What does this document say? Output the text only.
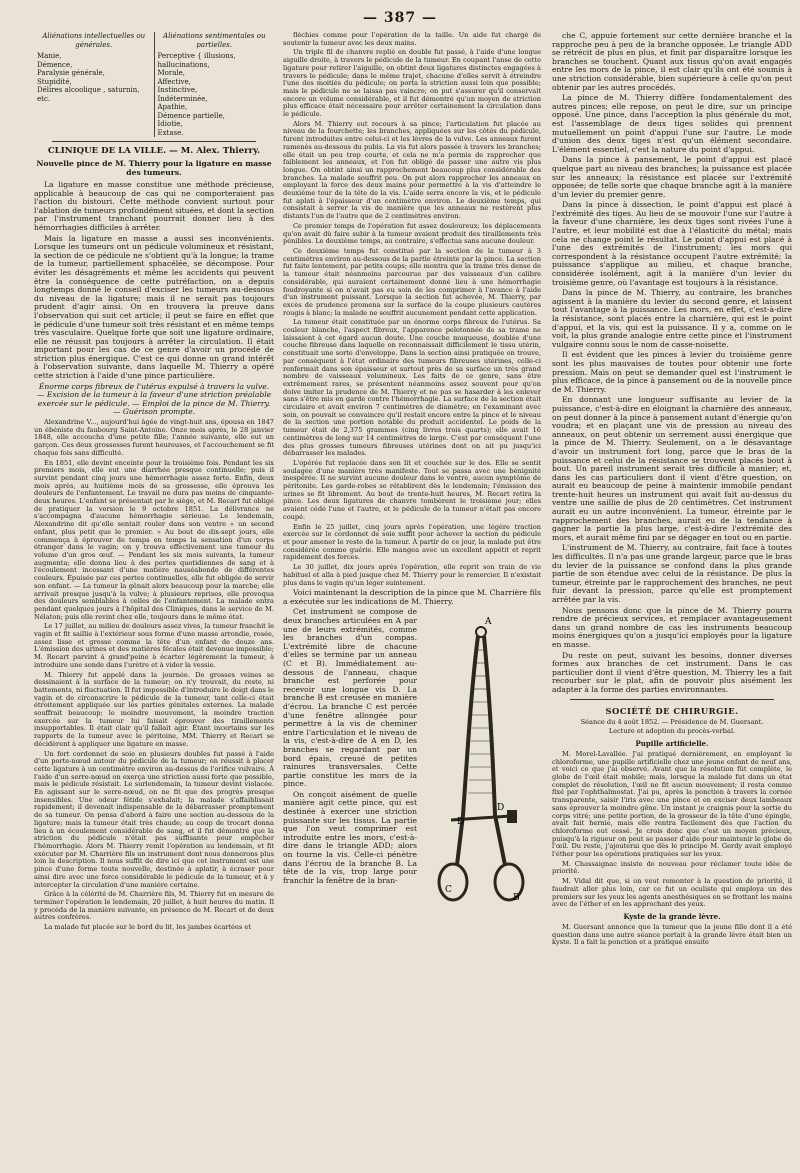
— 387 —
Aliénations intellectuelles ou générales.
Manie,
Démence,
Paralysie générale,
Stupidité,
Délires alcoolique , saturnin, etc.
Aliénations sentimentales ou partielles.
Perceptive { illusions, hallucinations,
Morale,
Affective,
Instinctive,
Indéterminée,
Apathie,
Démence partielle,
Idiotie,
Extase.

CLINIQUE DE LA VILLE. — M. Alex. Thierry.

Nouvelle pince de M. Thierry pour la ligature en masse des tumeurs.

La ligature en masse constitue une méthode précieuse, applicable à beaucoup de cas qui ne comporteraient pas l'action du bistouri. Cette méthode convient surtout pour l'ablation de tumeurs profondément situées, et dont la section par l'instrument tranchant pourrait donner lieu à des hémorrhagies difficiles à arrêter.

Mais la ligature en masse a aussi ses inconvénients. Lorsque les tumeurs ont un pédicule volumineux et résistant, la section de ce pédicule ne s'obtient qu'à la longue; la trame de la tumeur, partiellement sphacélée, se décompose. Pour éviter les désagréments et même les accidents qui peuvent être la conséquence de cette putréfaction, on a depuis longtemps donné le conseil d'exciser les tumeurs au-dessous du niveau de la ligature; mais il ne serait pas toujours prudent d'agir ainsi. On en trouvera la preuve dans l'observation qui suit cet article; il peut se faire en effet que le pédicule d'une tumeur soit très résistant et en même temps très vasculaire. Quelque forte que soit une ligature ordinaire, elle ne réussit pas toujours à arrêter la circulation. Il était important pour les cas de ce genre d'avoir un procédé de striction plus énergique. C'est ce qui donne un grand intérêt à l'observation suivante, dans laquelle M. Thierry a opéré cette striction à l'aide d'une pince particulière.

Énorme corps fibreux de l'utérus expulsé à travers la vulve. — Excision de la tumeur à la faveur d'une striction préalable exercée sur le pédicule. — Emploi de la pince de M. Thierry. — Guérison prompte.

Alexandrine V..., aujourd'hui âgée de vingt-huit ans, épousa en 1847 un ébéniste du faubourg Saint-Antoine. Onze mois après, le 28 janvier 1848, elle accoucha d'une petite fille; l'année suivante, elle eut un garçon. Ces deux grossesses furent heureuses, et l'accouchement se fit chaque fois sans difficulté.

En 1851, elle devint enceinte pour la troisième fois. Pendant les six premiers mois, elle eut une diarrhée presque continuelle; puis il survint pendant cinq jours une hémorrhagie assez forte. Enfin, deux mois après, au huitième mois de sa grossesse, elle éprouva les douleurs de l'enfantement. Le travail ne dura pas moins de cinquante-deux heures. L'enfant se présentait par le siège, et M. Recart fut obligé de pratiquer la version le 9 octobre 1851. La délivrance ne s'accompagna d'aucune hémorrhagie sérieuse. Le lendemain, Alexandrine dit qu'elle sentait rouler dans son ventre « un second enfant, plus petit que le premier. » Au bout de dix-sept jours, elle commença à éprouver de temps en temps la sensation d'un corps étranger dans le vagin; on y trouva effectivement une tumeur du volume d'un gros œuf. — Pendant les six mois suivants, la tumeur augmenta; elle donna lieu à des pertes quotidiennes de sang et à l'écoulement incessant d'une matière nauséabonde de différentes couleurs. Épuisée par ces pertes continuelles, elle fut obligée de servir son enfant. — La tumeur la gênait alors beaucoup pour la marche; elle arrivait presque jusqu'à la vulve; à plusieurs reprises, elle provoqua des douleurs semblables à celles de l'enfantement. La malade entra pendant quelques jours à l'hôpital des Cliniques, dans le service de M. Nélaton; puis elle revint chez elle, toujours dans le même état.

Le 17 juillet, au milieu de douleurs assez vives, la tumeur franchit le vagin et fit saillie à l'extérieur sous forme d'une masse arrondie, rosée, assez lisse et grosse comme la tête d'un enfant de douze ans. L'émission des urines et des matières fécales était devenue impossible; M. Recart parvint à grand'peine à écarter légèrement la tumeur, à introduire une sonde dans l'urètre et à vider la vessie.

M. Thierry fut appelé dans la journée. De grosses veines se dessinaient à la surface de la tumeur; on n'y trouvait, du reste, ni battements, ni fluctuation. Il fut impossible d'introduire le doigt dans le vagin et de circonscrire le pédicule de la tumeur, tant celle-ci était étroitement appliquée sur les parties génitales externes. La malade souffrait beaucoup; le moindre mouvement, la moindre traction exercée sur la tumeur lui faisait éprouver des tiraillements insupportables. Il était clair qu'il fallait agir. Étant incertains sur les rapports de la tumeur avec le péritoine, MM. Thierry et Recart se décidèrent à appliquer une ligature en masse.

Un fort cordonnet de soie en plusieurs doubles fut passé à l'aide d'un porte-nœud autour du pédicule de la tumeur; on réussit à placer cette ligature à un centimètre environ au-dessus de l'orifice vulvaire. À l'aide d'un serre-nœud on exerça une striction aussi forte que possible, mais le pédicule résistait. Le surlendemain, la tumeur devint violacée. En agissant sur le serre-nœud, on ne fit que des progrès presque insensibles. Une odeur fétide s'exhalait; la malade s'affaiblissait rapidement; il devenait indispensable de la débarrasser promptement de sa tumeur. On pensa d'abord à faire une section au-dessous de la ligature; mais la tumeur était très chaude; au coup de trocart donna lieu à un écoulement considérable de sang, et il fut démontré que la striction du pédicule n'était pas suffisante pour empêcher l'hémorrhagie. Alors M. Thierry remit l'opération au lendemain, et fit exécuter par M. Charrière fils un instrument dont nous donnerons plus loin la description. Il nous suffit de dire ici que cet instrument est une pince d'une forme toute nouvelle, destinée à aplatir, à écraser pour ainsi dire avec une force considérable le pédicule de la tumeur, et à y intercepter la circulation d'une manière certaine.

Grâce à la célérité de M. Charrière fils, M. Thierry fut en mesure de terminer l'opération le lendemain, 20 juillet, à huit heures du matin. Il y procéda de la manière suivante, en présence de M. Recart et de deux autres confrères.

La malade fut placée sur le bord du lit, les jambes écartées et

fléchies comme pour l'opération de la taille. Un aide fut chargé de soutenir la tumeur avec les deux mains.

Un triple fil de chanvre replié en double fut passé, à l'aide d'une longue aiguille droite, à travers le pédicule de la tumeur. En coupant l'anse de cette ligature pour retirer l'aiguille, on obtint deux ligatures distinctes engagées à travers le pédicule; dans le même trajet, chacune d'elles servit à étreindre l'une des moitiés du pédicule; on porta la striction aussi loin que possible; mais le pédicule ne se laissa pas vaincre; on put s'assurer qu'il conservait encore un volume considérable, et il fut démontré qu'un moyen de striction plus efficace était nécessaire pour arrêter certainement la circulation dans le pédicule.

Alors M. Thierry eut recours à sa pince; l'articulation fut placée au niveau de la fourchette; les branches, appliquées sur les côtés du pédicule, furent introduites entre celui-ci et les lèvres de la vulve. Les anneaux furent ramenés au-dessous du pubis. La vis fut alors passée à travers les branches; elle était un peu trop courte, et cela ne m'a permis de rapprocher que faiblement les anneaux, et l'on fut obligé de passer une autre vis plus longue. On obtint ainsi un rapprochement beaucoup plus considérable des branches. La malade souffrit peu. On put alors rapprocher les anneaux en employant la force des deux mains pour permettre à la vis d'atteindre le deuxième tour de la tête de la vis. L'aide serra encore la vis, et le pédicule fut aplati à l'épaisseur d'un centimètre environ. Le deuxième temps, qui consistait à serrer la vis de manière que les anneaux ne restèrent plus distants l'un de l'autre que de 2 centimètres environ.

Ce premier temps de l'opération fut assez douloureux; les déplacements qu'on avait dû faire subir à la tumeur avaient produit des tiraillements très pénibles. Le deuxième temps, au contraire, s'effectua sans aucune douleur.

Ce deuxième temps fut constitué par la section de la tumeur à 3 centimètres environ au-dessous de la partie étreinte par la pince. La section fut faite lentement, par petits coups; elle montra que la trame très dense de la tumeur était néanmoins parcourue par des vaisseaux d'un calibre considérable, qui auraient certainement donné lieu à une hémorrhagie foudroyante si on n'avait pas eu soin de les comprimer à l'avance à l'aide d'un instrument puissant. Lorsque la section fut achevée, M. Thierry, par excès de prudence promena sur la surface de la coupe plusieurs cautères rougis à blanc; la malade ne souffrit aucunement pendant cette application.

La tumeur était constituée par un énorme corps fibreux de l'utérus. Sa couleur blanche, l'aspect fibreux, l'apparence pelotonnée de sa trame ne laissaient à cet égard aucun doute. Une couche muqueuse, doublée d'une couche fibreuse dans laquelle on reconnaissait difficilement le tissu utérin, constituait une sorte d'enveloppe. Dans la section ainsi pratiquée on trouve, par conséquent à l'état ordinaire des tumeurs fibreuses utérines, celle-ci renfermait dans son épaisseur et surtout près de sa surface un très grand nombre de vaisseaux volumineux. Les faits de ce genre, sans être extrêmement rares, se présentent néanmoins assez souvent pour qu'on doive imiter la prudence de M. Thierry et ne pas se hasarder à les enlever sans s'être mis en garde contre l'hémorrhagie. La surface de la section était circulaire et avait environ 7 centimètres de diamètre; en l'examinant avec soin, on pouvait se convaincre qu'il restait encore entre la pince et le niveau de la section une portion notable du produit accidentel. Le poids de la tumeur était de 2,375 grammes (cinq livres trois quarts); elle avait 16 centimètres de long sur 14 centimètres de large. C'est par conséquent l'une des plus grosses tumeurs fibreuses utérines dont on ait pu jusqu'ici débarrasser les malades.

L'opérée fut replacée dans son lit et couchée sur le dos. Elle se sentit soulagée d'une manière très manifeste. Tout se passa avec une bénignité inespérée. Il ne survint aucune douleur dans le ventre, aucun symptôme de péritonite. Les garde-robes se rétablirent dès le lendemain; l'émission des urines se fit librement. Au bout de trente-huit heures, M. Recart retira la pince. Les deux ligatures de chanvre tombèrent le troisième jour; elles avaient cédé l'une et l'autre, et le pédicule de la tumeur n'était pas encore coupé.

Enfin le 25 juillet, cinq jours après l'opération, une légère traction exercée sur le cordonnet de soie suffit pour achever la section du pédicule et pour amener le reste de la tumeur. À partir de ce jour, la malade put être considérée comme guérie. Elle mangea avec un excellent appétit et reprit rapidement des forces.

Le 30 juillet, dix jours après l'opération, elle reprit son train de vie habituel et alla à pied jusque chez M. Thierry pour le remercier. Il n'existait plus dans le vagin qu'un léger suintement.

Voici maintenant la description de la pince que M. Charrière fils a exécutée sur les indications de M. Thierry.

A
D
D
C
B

Cet instrument se compose de deux branches articulées en A par une de leurs extrémités, comme les branches d'un compas. L'extrémité libre de chacune d'elles se termine par un anneau (C et B). Immédiatement au-dessous de l'anneau, chaque branche est perforée pour recevoir une longue vis D. La branche B est creusée en manière d'écrou. La branche C est percée d'une fenêtre allongée pour permettre à la vis de cheminer entre l'articulation et le niveau de la vis, c'est-à-dire de A en D, les branches se regardant par un bord épais, creusé de petites rainures transversales. Cette partie constitue les mors de la pince.

On conçoit aisément de quelle manière agit cette pince, qui est destinée à exercer une striction puissante sur les tissus. La partie que l'on veut comprimer est introduite entre les mors, c'est-à-dire dans le triangle ADD; alors on tourne la vis. Celle-ci pénètre dans l'écrou de la branche B. La tête de la vis, trop large pour franchir la fenêtre de la bran-

che C, appuie fortement sur cette dernière branche et la rapproche peu à peu de la branche opposée. Le triangle ADD se rétrécit de plus en plus, et finit par disparaître lorsque les branches se touchent. Quant aux tissus qu'on avait engagés entre les mors de la pince, il est clair qu'ils ont été soumis à une striction considérable, bien supérieure à celle qu'on peut obtenir par les autres procédés.

La pince de M. Thierry diffère fondamentalement des autres pinces; elle repose, on peut le dire, sur un principe opposé. Une pince, dans l'acception la plus générale du mot, est l'assemblage de deux tiges solides qui prennent mutuellement un point d'appui l'une sur l'autre. Le mode d'union des deux tiges n'est qu'un élément secondaire. L'élément essentiel, c'est la nature du point d'appui.

Dans la pince à pansement, le point d'appui est placé quelque part au niveau des branches; la puissance est placée sur les anneaux; la résistance est placée sur l'extrémité opposée; de telle sorte que chaque branche agit à la manière d'un levier du premier genre.

Dans la pince à dissection, le point d'appui est placé à l'extrémité des tiges. Au lieu de se mouvoir l'une sur l'autre à la faveur d'une charnière, les deux tiges sont rivées l'une à l'autre, et leur mobilité est due à l'élasticité du métal; mais cela ne change point le résultat. Le point d'appui est placé à l'une des extrémités de l'instrument; les mors qui correspondent à la résistance occupent l'autre extrémité; la puissance s'applique au milieu, et chaque branche, considérée isolément, agit à la manière d'un levier du troisième genre, où l'avantage est toujours à la résistance.

Dans la pince de M. Thierry, au contraire, les branches agissent à la manière du levier du second genre, et laissent tout l'avantage à la puissance. Les mors, en effet, c'est-à-dire la résistance, sont placés entre la charnière, qui est le point d'appui, et la vis, qui est la puissance. Il y a, comme on le voit, la plus grande analogie entre cette pince et l'instrument vulgaire connu sous le nom de casse-noisette.

Il est évident que les pinces à levier du troisième genre sont les plus mauvaises de toutes pour obtenir une forte pression. Mais on peut se demander quel est l'instrument le plus efficace, de la pince à pansement ou de la nouvelle pince de M. Thierry.

En donnant une longueur suffisante au levier de la puissance, c'est-à-dire en éloignant la charnière des anneaux, on peut donner à la pince à pansement autant d'énergie qu'on voudra; et en plaçant une vis de pression au niveau des anneaux, on peut obtenir un serrement aussi énergique que la pince de M. Thierry. Seulement, on a le désavantage d'avoir un instrument fort long, parce que le bras de la puissance et celui de la résistance se trouvent placés bout à bout. Un pareil instrument serait très difficile à manier; et, dans les cas particuliers dont il vient d'être question, on aurait eu beaucoup de peine à maintenir immobile pendant trente-huit heures un instrument qui avait fait au-dessus du ventre une saillie de plus de 20 centimètres. Cet instrument aurait eu un autre inconvénient. La tumeur, étreinte par le rapprochement des branches, aurait eu de la tendance à gagner la partie la plus large, c'est-à-dire l'extrémité des mors, et aurait même fini par se dégager en tout ou en partie.

L'instrument de M. Thierry, au contraire, fait face à toutes les difficultés. Il n'a pas une grande largeur, parce que le bras du levier de la puissance se confond dans la plus grande partie de son étendue avec celui de la résistance. De plus la tumeur, étreinte par le rapprochement des branches, ne peut fuir devant la pression, parce qu'elle est promptement arrêtée par la vis.

Nous pensons donc que la pince de M. Thierry pourra rendre de précieux services, et remplacer avantageusement dans un grand nombre de cas les instruments beaucoup moins énergiques qu'on a jusqu'ici employés pour la ligature en masse.

Du reste on peut, suivant les besoins, donner diverses formes aux branches de cet instrument. Dans le cas particulier dont il vient d'être question, M. Thierry les a fait recourber sur le plat, afin de pouvoir plus aisément les adapter à la forme des parties environnantes.

SOCIÉTÉ DE CHIRURGIE.

Séance du 4 août 1852. — Présidence de M. Guersant.

Lecture et adoption du procès-verbal.

Pupille artificielle.

M. Morel-Lavallée. J'ai pratiqué dernièrement, en employant le chloroforme, une pupille artificielle chez une jeune enfant de neuf ans, et voici ce que j'ai observé. Avant que la résolution fût complète, le globe de l'œil était mobile; mais, lorsque la malade fut dans un état complet de résolution, l'œil ne fit aucun mouvement; il resta comme fixé par l'ophthalmostat. J'ai pu, après la ponction à travers la cornée transparente, saisir l'iris avec une pince et en exciser deux lambeaux sans éprouver la moindre gêne. Un instant je craignis pour la sortie du corps vitré; une petite portion, de la grosseur de la tête d'une épingle, avait fait hernie, mais elle rentra facilement dès que l'action du chloroforme eut cessé. Je crois donc que c'est un moyen précieux, puisqu'à la rigueur on peut se passer d'aide pour maintenir le globe de l'œil. Du reste, j'ajouterai que dès le principe M. Gerdy avait employé l'éther pour les opérations pratiquées sur les yeux.

M. Chassaignac insiste de nouveau pour réclamer toute idée de priorité.

M. Vidal dit que, si on veut remonter à la question de priorité, il faudrait aller plus loin, car ce fut un oculiste qui employa un des premiers sur les yeux les agents anesthésiques en se frottant les mains avec de l'éther et en les approchant des yeux.

Kyste de la grande lèvre.

M. Guersant annonce que la tumeur que la jeune fille dont il a été question dans une autre séance portait à la grande lèvre était bien un kyste. Il a fait la ponction et a pratiqué ensuite
